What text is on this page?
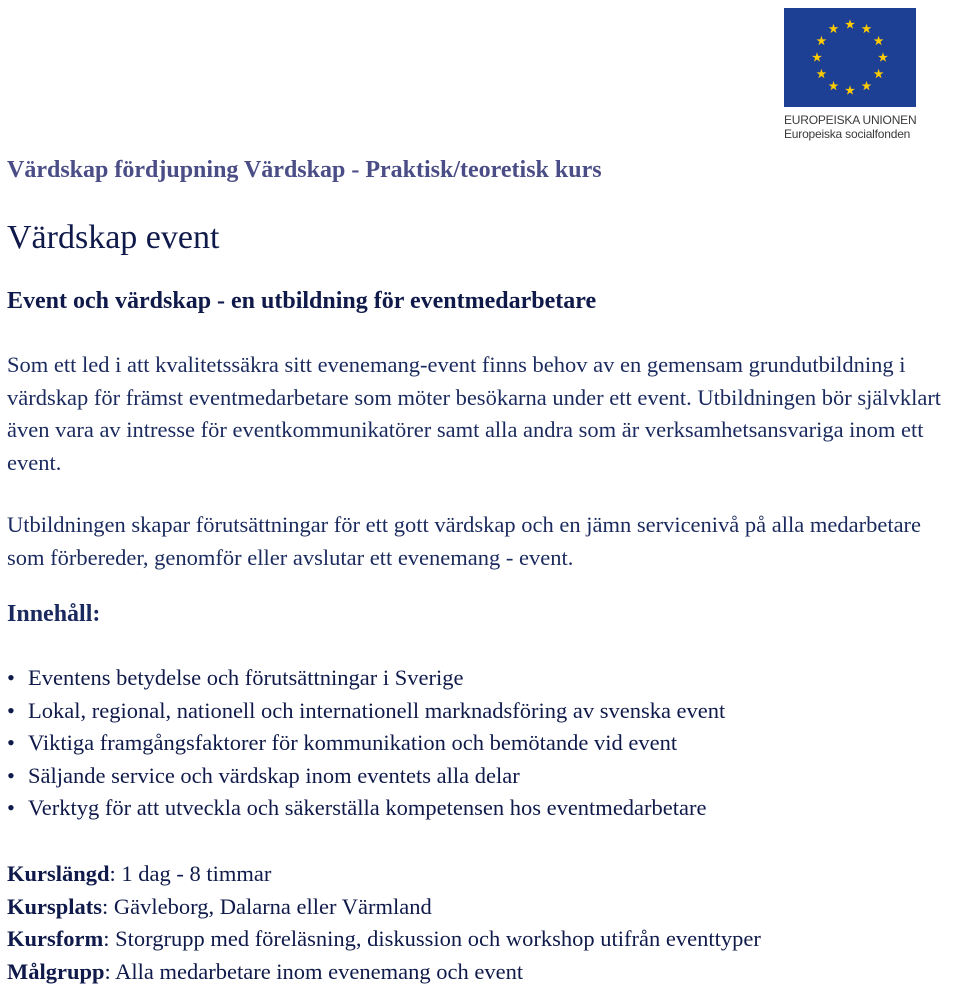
EUROPEISKA UNIONEN
Europeiska socialfonden
Värdskap fördjupning Värdskap - Praktisk/teoretisk kurs
Värdskap event
Event och värdskap - en utbildning för eventmedarbetare

Som ett led i att kvalitetssäkra sitt evenemang-event finns behov av en gemensam grundutbildning i värdskap för främst eventmedarbetare som möter besökarna under ett event. Utbildningen bör självklart även vara av intresse för eventkommunikatörer samt alla andra som är verksamhetsansvariga inom ett event.

Utbildningen skapar förutsättningar för ett gott värdskap och en jämn servicenivå på alla medarbetare som förbereder, genomför eller avslutar ett evenemang - event.

Innehåll:
• Eventens betydelse och förutsättningar i Sverige
• Lokal, regional, nationell och internationell marknadsföring av svenska event
• Viktiga framgångsfaktorer för kommunikation och bemötande vid event
• Säljande service och värdskap inom eventets alla delar
• Verktyg för att utveckla och säkerställa kompetensen hos eventmedarbetare
Kurslängd: 1 dag - 8 timmar
Kursplats: Gävleborg, Dalarna eller Värmland
Kursform: Storgrupp med föreläsning, diskussion och workshop utifrån eventtyper
Målgrupp: Alla medarbetare inom evenemang och event
